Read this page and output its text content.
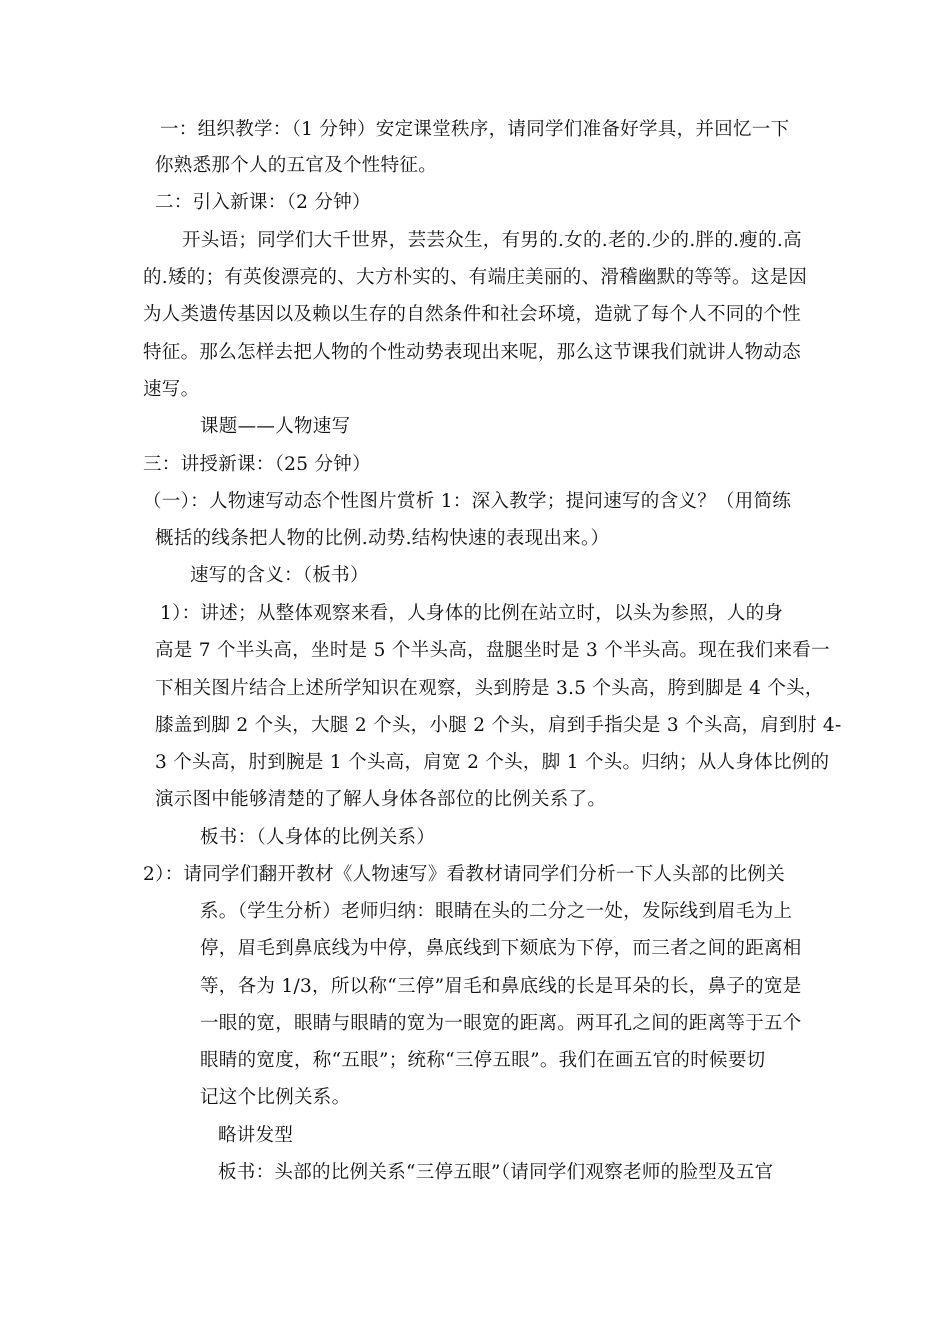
一：组织教学：（1 分钟）安定课堂秩序，请同学们准备好学具，并回忆一下

你熟悉那个人的五官及个性特征。

二：引入新课：（2 分钟）

开头语；同学们大千世界，芸芸众生，有男的.女的.老的.少的.胖的.瘦的.高

的.矮的；有英俊漂亮的、大方朴实的、有端庄美丽的、滑稽幽默的等等。这是因

为人类遗传基因以及赖以生存的自然条件和社会环境，造就了每个人不同的个性

特征。那么怎样去把人物的个性动势表现出来呢，那么这节课我们就讲人物动态

速写。

课题——人物速写

三：讲授新课：（25 分钟）

（一）：人物速写动态个性图片赏析 1：深入教学；提问速写的含义？（用简练

概括的线条把人物的比例.动势.结构快速的表现出来。）

速写的含义：（板书）

1）：讲述；从整体观察来看，人身体的比例在站立时，以头为参照，人的身

高是 7 个半头高，坐时是 5 个半头高，盘腿坐时是 3 个半头高。现在我们来看一

下相关图片结合上述所学知识在观察，头到胯是 3.5 个头高，胯到脚是 4 个头，

膝盖到脚 2 个头，大腿 2 个头，小腿 2 个头，肩到手指尖是 3 个头高，肩到肘 4-

3 个头高，肘到腕是 1 个头高，肩宽 2 个头，脚 1 个头。归纳；从人身体比例的

演示图中能够清楚的了解人身体各部位的比例关系了。

板书：（人身体的比例关系）

2）：请同学们翻开教材《人物速写》看教材请同学们分析一下人头部的比例关

系。（学生分析）老师归纳：眼睛在头的二分之一处，发际线到眉毛为上

停，眉毛到鼻底线为中停，鼻底线到下颏底为下停，而三者之间的距离相

等，各为 1/3，所以称“三停”眉毛和鼻底线的长是耳朵的长，鼻子的宽是

一眼的宽，眼睛与眼睛的宽为一眼宽的距离。两耳孔之间的距离等于五个

眼睛的宽度，称“五眼”；统称“三停五眼”。我们在画五官的时候要切

记这个比例关系。

略讲发型

板书：头部的比例关系“三停五眼”（请同学们观察老师的脸型及五官
